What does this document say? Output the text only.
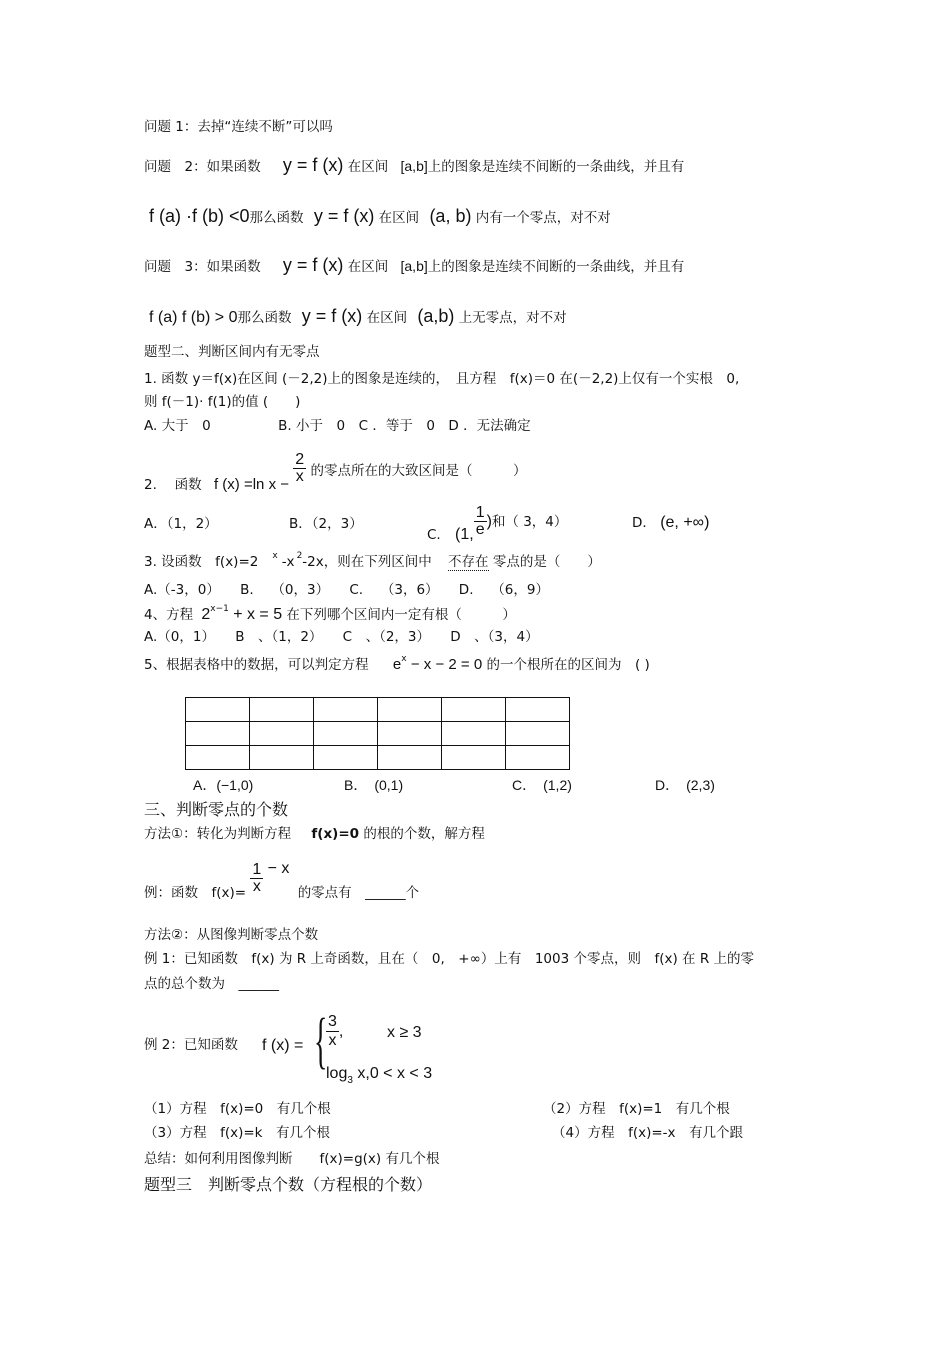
问题 1：去掉“连续不断”可以吗
问题　2：如果函数 y = f (x) 在区间 [a,b]上的图象是连续不间断的一条曲线，并且有
f (a) ·f (b) <0那么函数 y = f (x) 在区间 (a, b) 内有一个零点，对不对
问题　3：如果函数 y = f (x) 在区间 [a,b]上的图象是连续不间断的一条曲线，并且有
f (a) f (b) > 0那么函数 y = f (x) 在区间 (a,b) 上无零点，对不对
题型二、判断区间内有无零点
1. 函数 y＝f(x)在区间 (－2,2)上的图象是连续的，　且方程　f(x)＝0 在(－2,2)上仅有一个实根　0,
则 f(－1)· f(1)的值 (　　)
A. 大于　0　　　　　B. 小于　0　C ．等于　0　D ．无法确定
2.　 函数 f (x) =ln $x - \frac{2}{x}$ 的零点所在的大致区间是（　　　）
A．（1，2）	B．（2，3）
C. (1, $\frac{1}{e}$ )和（ 3，4）	D． (e, +∞)
3. 设函数　f(x)=2 $^x$ -x $^2$-2x，则在下列区间中 不存在 零点的是（　　）
A.（-3，0）　　B.　 （0，3）　　C.　 （3，6）　　D.　 （6，9）
4、方程 $2^{x-1} + x = 5$ 在下列哪个区间内一定有根（　　　）
A.（0，1）　　B　、（1，2）　　C　、（2，3）　　D　、（3，4）
5、根据表格中的数据，可以判定方程 $e^x - x - 2 = 0$ 的一个根所在的区间为　( )

A．(−1,0)	B．　(0,1)	C．　(1,2)	D．　(2,3)
三、判断零点的个数
方法①：转化为判断方程 f(x)=0 的根的个数，解方程
例：函数　$f(x)= \frac{1}{x} - x$ 的零点有　______个
方法②：从图像判断零点个数
例 1：已知函数　f(x) 为 R 上奇函数，且在（　0,　+∞）上有　1003 个零点，则　f(x) 在 R 上的零
点的总个数为　______
例 2：已知函数 f (x) = {
$\frac{3}{x}$ ,	x ≥ 3
$\log_3 x,0 < x < 3$
（1）方程　f(x)=0　有几个根	（2）方程　f(x)=1　有几个根
（3）方程　f(x)=k　有几个根	（4）方程　f(x)=-x　有几个跟
总结：如何利用图像判断　　f(x)=g(x) 有几个根
题型三　判断零点个数（方程根的个数）
